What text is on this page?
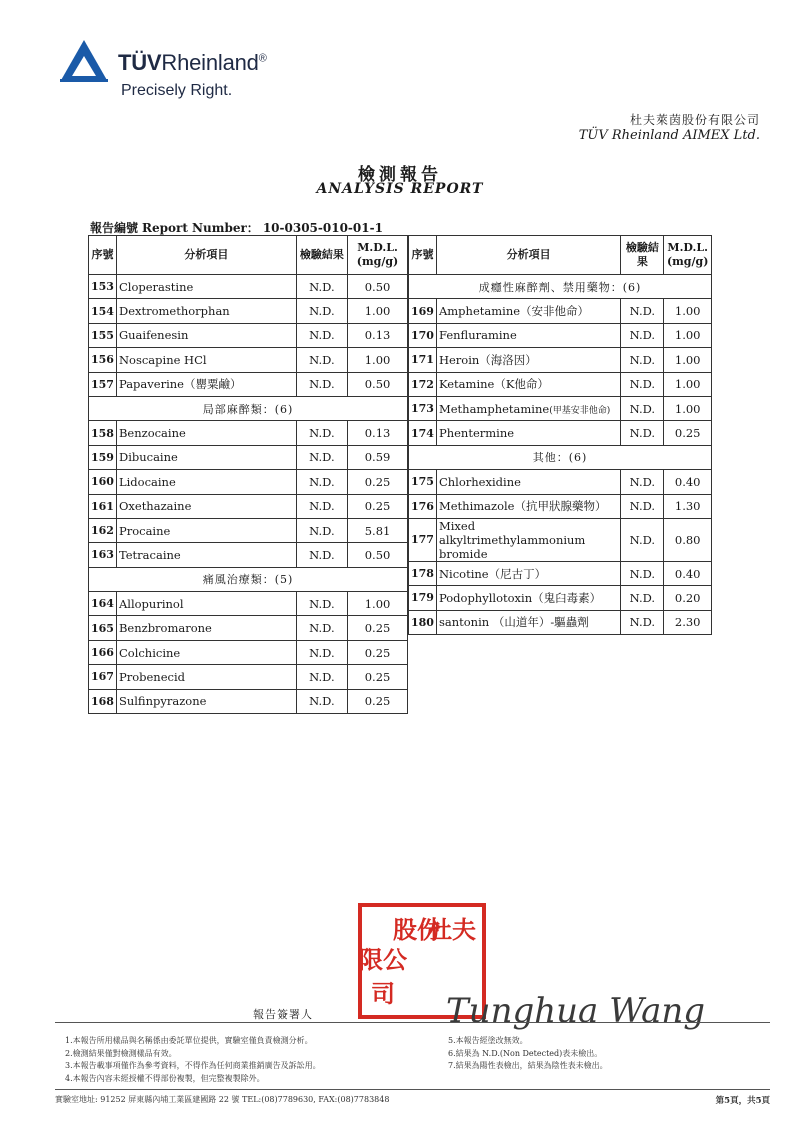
TÜVRheinland®
Precisely Right.
杜夫萊茵股份有限公司
TÜV Rheinland AIMEX Ltd.
檢測報告
ANALYSIS REPORT
報告編號 Report Number： 10-0305-010-01-1
序號	分析項目	檢驗結果	M.D.L.
(mg/g)
153	Cloperastine	N.D.	0.50
154	Dextromethorphan	N.D.	1.00
155	Guaifenesin	N.D.	0.13
156	Noscapine HCl	N.D.	1.00
157	Papaverine（罌粟鹼）	N.D.	0.50
局部麻醉類：(6)			
158	Benzocaine	N.D.	0.13
159	Dibucaine	N.D.	0.59
160	Lidocaine	N.D.	0.25
161	Oxethazaine	N.D.	0.25
162	Procaine	N.D.	5.81
163	Tetracaine	N.D.	0.50
痛風治療類：(5)			
164	Allopurinol	N.D.	1.00
165	Benzbromarone	N.D.	0.25
166	Colchicine	N.D.	0.25
167	Probenecid	N.D.	0.25
168	Sulfinpyrazone	N.D.	0.25
序號	分析項目	檢驗結果	M.D.L.
(mg/g)
成癮性麻醉劑、禁用藥物：(6)			
169	Amphetamine（安非他命）	N.D.	1.00
170	Fenfluramine	N.D.	1.00
171	Heroin（海洛因）	N.D.	1.00
172	Ketamine（K他命）	N.D.	1.00
173	Methamphetamine(甲基安非他命)	N.D.	1.00
174	Phentermine	N.D.	0.25
其他：(6)			
175	Chlorhexidine	N.D.	0.40
176	Methimazole（抗甲狀腺藥物）	N.D.	1.30
177	Mixed alkyltrimethylammonium bromide	N.D.	0.80
178	Nicotine（尼古丁）	N.D.	0.40
179	Podophyllotoxin（鬼臼毒素）	N.D.	0.20
180	santonin （山道年）-驅蟲劑	N.D.	2.30
杜夫
股份
限公
司
報告簽署人	Tunghua Wang
1.本報告所用樣品與名稱係由委託單位提供，實驗室僅負責檢測分析。
2.檢測結果僅對檢測樣品有效。
3.本報告載事項僅作為參考資料，不得作為任何商業推銷廣告及訴訟用。
4.本報告內容未經授權不得部份複製，但完整複製除外。
5.本報告經塗改無效。
6.結果為 N.D.(Non Detected)表未檢出。
7.結果為陽性表檢出，結果為陰性表未檢出。
實驗室地址: 91252 屏東縣內埔工業區建國路 22 號 TEL:(08)7789630, FAX:(08)7783848	第5頁，共5頁
